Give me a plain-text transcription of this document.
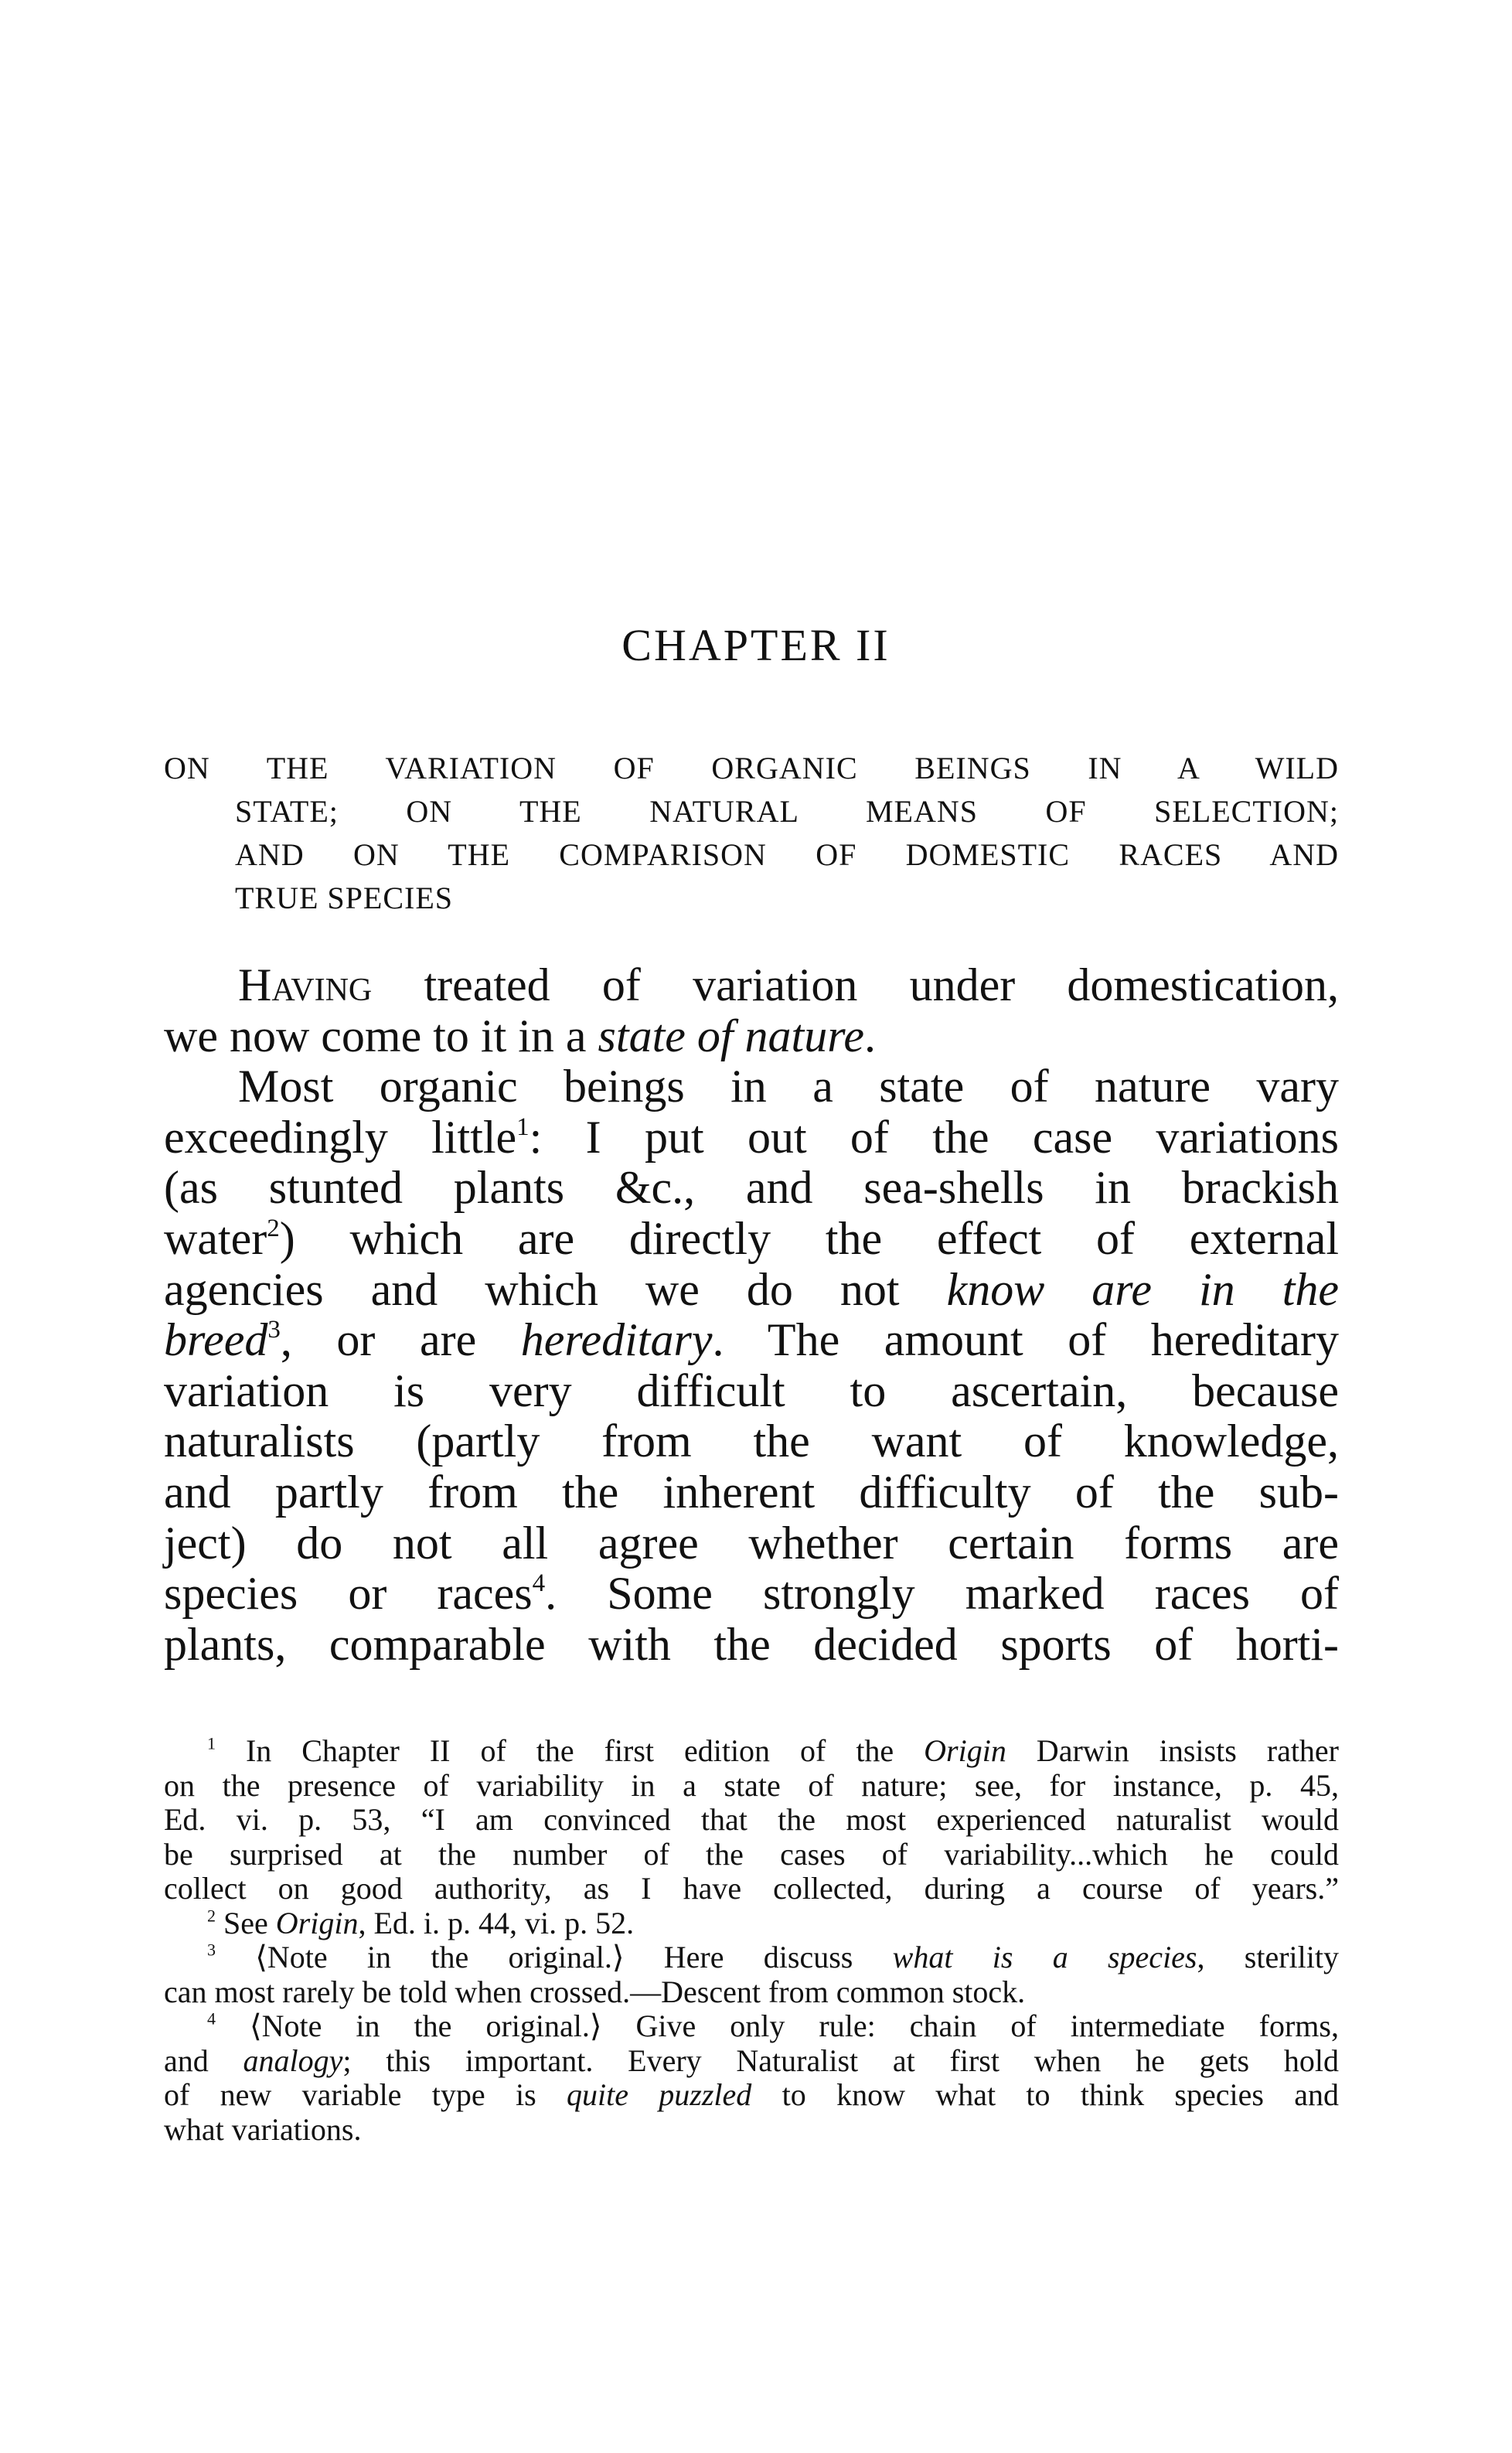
CHAPTER II
ON THE VARIATION OF ORGANIC BEINGS IN A WILD
STATE; ON THE NATURAL MEANS OF SELECTION;
AND ON THE COMPARISON OF DOMESTIC RACES AND
TRUE SPECIES
Having treated of variation under domestication,
we now come to it in a state of nature.
Most organic beings in a state of nature vary
exceedingly little$^1$: I put out of the case variations
(as stunted plants &c., and sea-shells in brackish
water$^2$) which are directly the effect of external
agencies and which we do not know are in the
breed$^3$, or are hereditary. The amount of hereditary
variation is very difficult to ascertain, because
naturalists (partly from the want of knowledge,
and partly from the inherent difficulty of the sub-
ject) do not all agree whether certain forms are
species or races$^4$. Some strongly marked races of
plants, comparable with the decided sports of horti-
$^1$ In Chapter II of the first edition of the Origin Darwin insists rather
on the presence of variability in a state of nature; see, for instance, p. 45,
Ed. vi. p. 53, “I am convinced that the most experienced naturalist would
be surprised at the number of the cases of variability...which he could
collect on good authority, as I have collected, during a course of years.”
$^2$ See Origin, Ed. i. p. 44, vi. p. 52.
$^3$ ⟨Note in the original.⟩ Here discuss what is a species, sterility
can most rarely be told when crossed.—Descent from common stock.
$^4$ ⟨Note in the original.⟩ Give only rule: chain of intermediate forms,
and analogy; this important. Every Naturalist at first when he gets hold
of new variable type is quite puzzled to know what to think species and
what variations.
